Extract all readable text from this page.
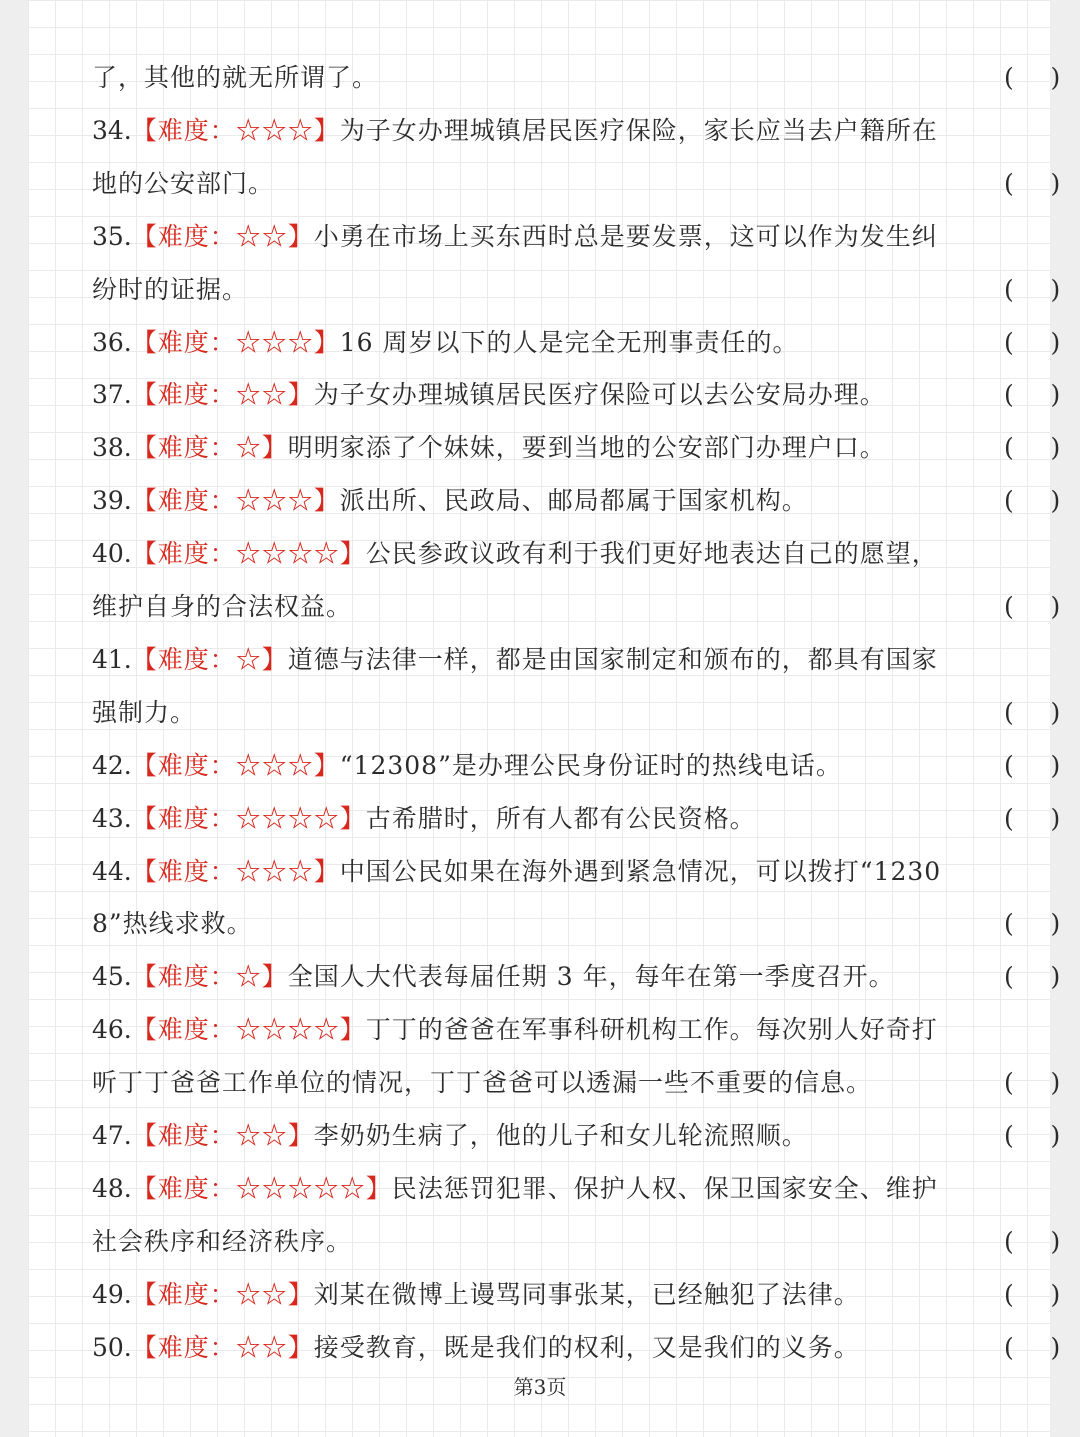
了，其他的就无所谓了。	(    )
34.【难度：☆☆☆】为子女办理城镇居民医疗保险，家长应当去户籍所在
地的公安部门。	(    )
35.【难度：☆☆】小勇在市场上买东西时总是要发票，这可以作为发生纠
纷时的证据。	(    )
36.【难度：☆☆☆】16 周岁以下的人是完全无刑事责任的。	(    )
37.【难度：☆☆】为子女办理城镇居民医疗保险可以去公安局办理。	(    )
38.【难度：☆】明明家添了个妹妹，要到当地的公安部门办理户口。	(    )
39.【难度：☆☆☆】派出所、民政局、邮局都属于国家机构。	(    )
40.【难度：☆☆☆☆】公民参政议政有利于我们更好地表达自己的愿望，
维护自身的合法权益。	(    )
41.【难度：☆】道德与法律一样，都是由国家制定和颁布的，都具有国家
强制力。	(    )
42.【难度：☆☆☆】“12308”是办理公民身份证时的热线电话。	(    )
43.【难度：☆☆☆☆】古希腊时，所有人都有公民资格。	(    )
44.【难度：☆☆☆】中国公民如果在海外遇到紧急情况，可以拨打“1230
8”热线求救。	(    )
45.【难度：☆】全国人大代表每届任期 3 年，每年在第一季度召开。	(    )
46.【难度：☆☆☆☆】丁丁的爸爸在军事科研机构工作。每次别人好奇打
听丁丁爸爸工作单位的情况，丁丁爸爸可以透漏一些不重要的信息。	(    )
47.【难度：☆☆】李奶奶生病了，他的儿子和女儿轮流照顺。	(    )
48.【难度：☆☆☆☆☆】民法惩罚犯罪、保护人权、保卫国家安全、维护
社会秩序和经济秩序。	(    )
49.【难度：☆☆】刘某在微博上谩骂同事张某，已经触犯了法律。	(    )
50.【难度：☆☆】接受教育，既是我们的权利，又是我们的义务。	(    )
第3页
